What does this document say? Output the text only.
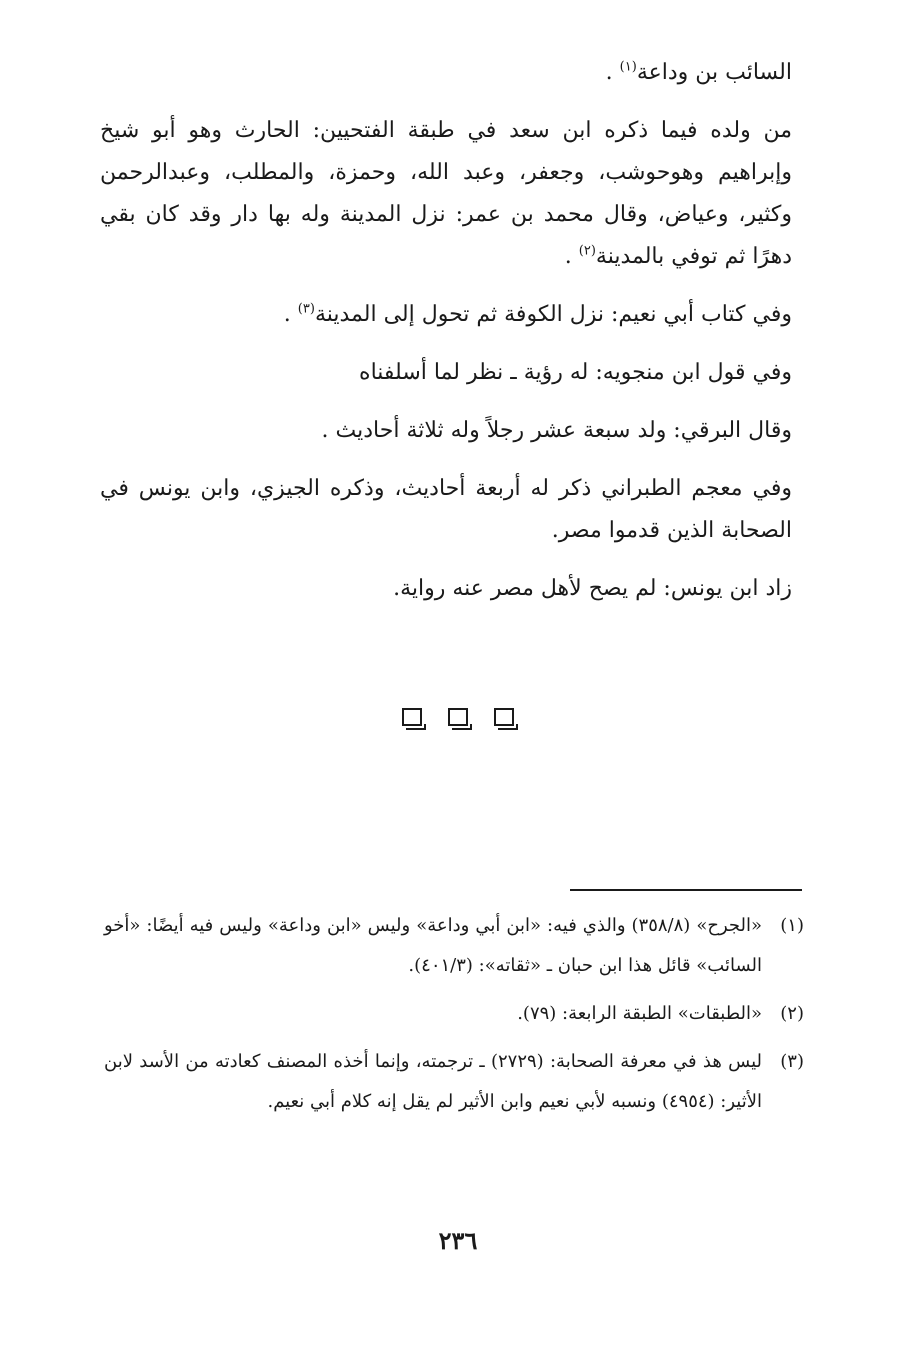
السائب بن وداعة$^{(١)}$ .

من ولده فيما ذكره ابن سعد في طبقة الفتحيين: الحارث وهو أبو شيخ وإبراهيم وهوحوشب، وجعفر، وعبد الله، وحمزة، والمطلب، وعبدالرحمن وكثير، وعياض، وقال محمد بن عمر: نزل المدينة وله بها دار وقد كان بقي دهرًا ثم توفي بالمدينة$^{(٢)}$ .

وفي كتاب أبي نعيم: نزل الكوفة ثم تحول إلى المدينة$^{(٣)}$ .

وفي قول ابن منجويه: له رؤية ـ نظر لما أسلفناه

وقال البرقي: ولد سبعة عشر رجلاً وله ثلاثة أحاديث .

وفي معجم الطبراني ذكر له أربعة أحاديث، وذكره الجيزي، وابن يونس في الصحابة الذين قدموا مصر.

زاد ابن يونس: لم يصح لأهل مصر عنه رواية.

(١)
«الجرح» (٣٥٨/٨) والذي فيه: «ابن أبي وداعة» وليس «ابن وداعة» وليس فيه أيضًا: «أخو السائب» قائل هذا ابن حبان ـ «ثقاته»: (٤٠١/٣).
(٢)
«الطبقات» الطبقة الرابعة: (٧٩).
(٣)
ليس هذ في معرفة الصحابة: (٢٧٢٩) ـ ترجمته، وإنما أخذه المصنف كعادته من الأسد لابن الأثير: (٤٩٥٤) ونسبه لأبي نعيم وابن الأثير لم يقل إنه كلام أبي نعيم.
٢٣٦
